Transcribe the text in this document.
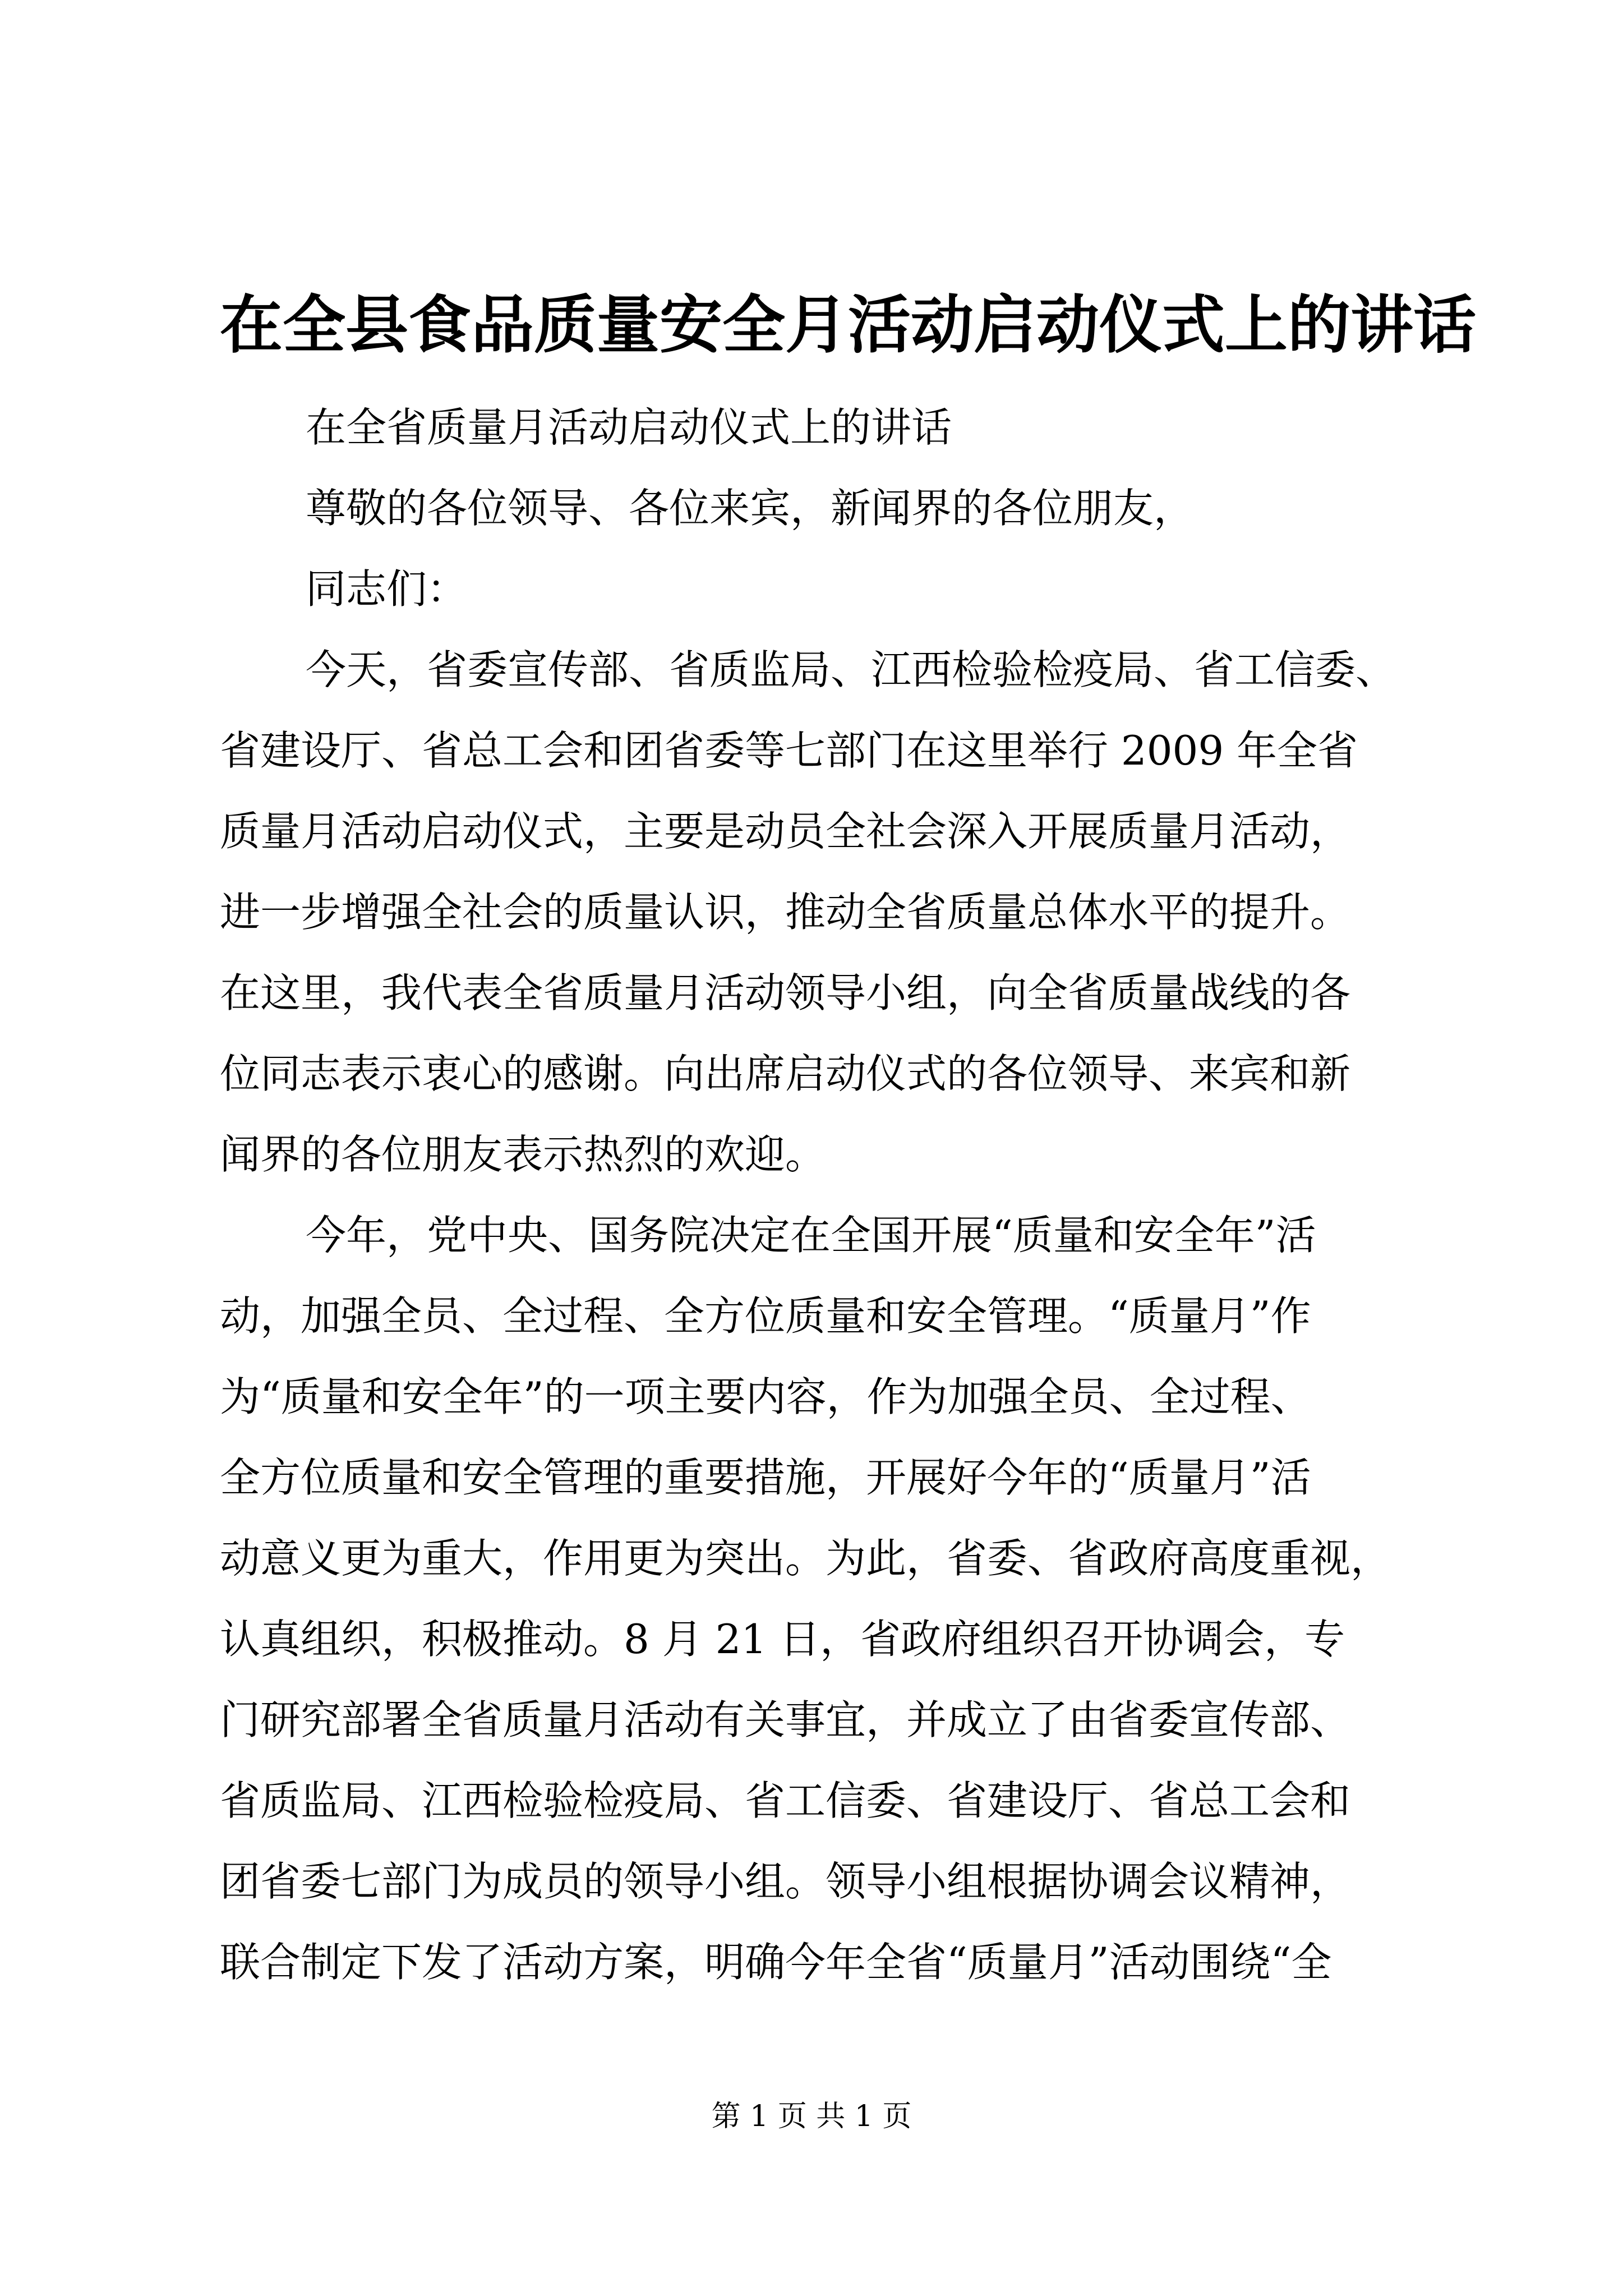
在全县食品质量安全月活动启动仪式上的讲话

在全省质量月活动启动仪式上的讲话

尊敬的各位领导、各位来宾，新闻界的各位朋友，

同志们：

今天，省委宣传部、省质监局、江西检验检疫局、省工信委、

省建设厅、省总工会和团省委等七部门在这里举行 2009 年全省

质量月活动启动仪式，主要是动员全社会深入开展质量月活动，

进一步增强全社会的质量认识，推动全省质量总体水平的提升。

在这里，我代表全省质量月活动领导小组，向全省质量战线的各

位同志表示衷心的感谢。向出席启动仪式的各位领导、来宾和新

闻界的各位朋友表示热烈的欢迎。

今年，党中央、国务院决定在全国开展“质量和安全年”活

动，加强全员、全过程、全方位质量和安全管理。“质量月”作

为“质量和安全年”的一项主要内容，作为加强全员、全过程、

全方位质量和安全管理的重要措施，开展好今年的“质量月”活

动意义更为重大，作用更为突出。为此，省委、省政府高度重视，

认真组织，积极推动。8 月 21 日，省政府组织召开协调会，专

门研究部署全省质量月活动有关事宜，并成立了由省委宣传部、

省质监局、江西检验检疫局、省工信委、省建设厅、省总工会和

团省委七部门为成员的领导小组。领导小组根据协调会议精神，

联合制定下发了活动方案，明确今年全省“质量月”活动围绕“全

第 1 页 共 1 页
